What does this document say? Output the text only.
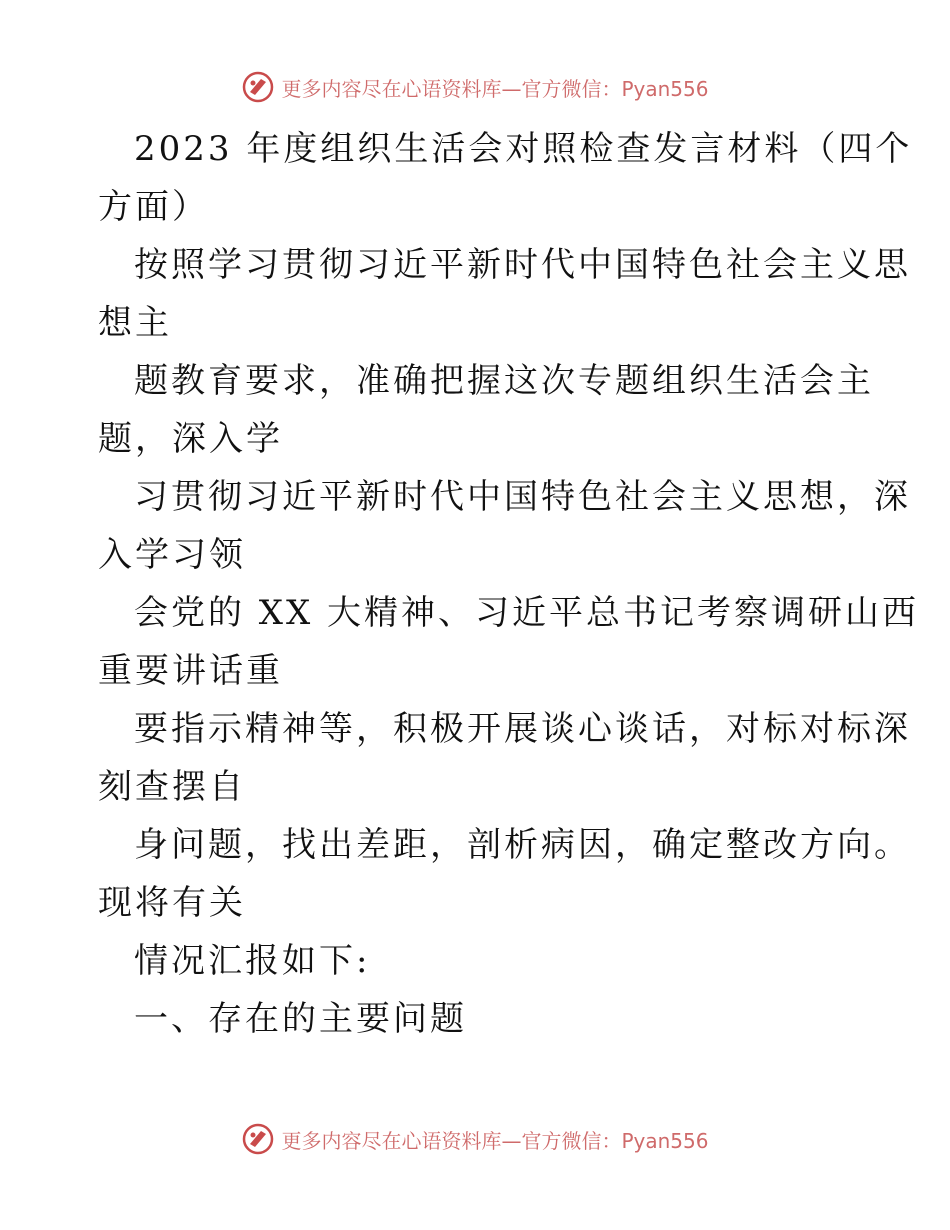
更多内容尽在心语资料库—官方微信：Pyan556
2023 年度组织生活会对照检查发言材料（四个
方面）
按照学习贯彻习近平新时代中国特色社会主义思
想主
题教育要求，准确把握这次专题组织生活会主
题，深入学
习贯彻习近平新时代中国特色社会主义思想，深
入学习领
会党的 XX 大精神、习近平总书记考察调研山西
重要讲话重
要指示精神等，积极开展谈心谈话，对标对标深
刻查摆自
身问题，找出差距，剖析病因，确定整改方向。
现将有关
情况汇报如下:
一、存在的主要问题
更多内容尽在心语资料库—官方微信：Pyan556
